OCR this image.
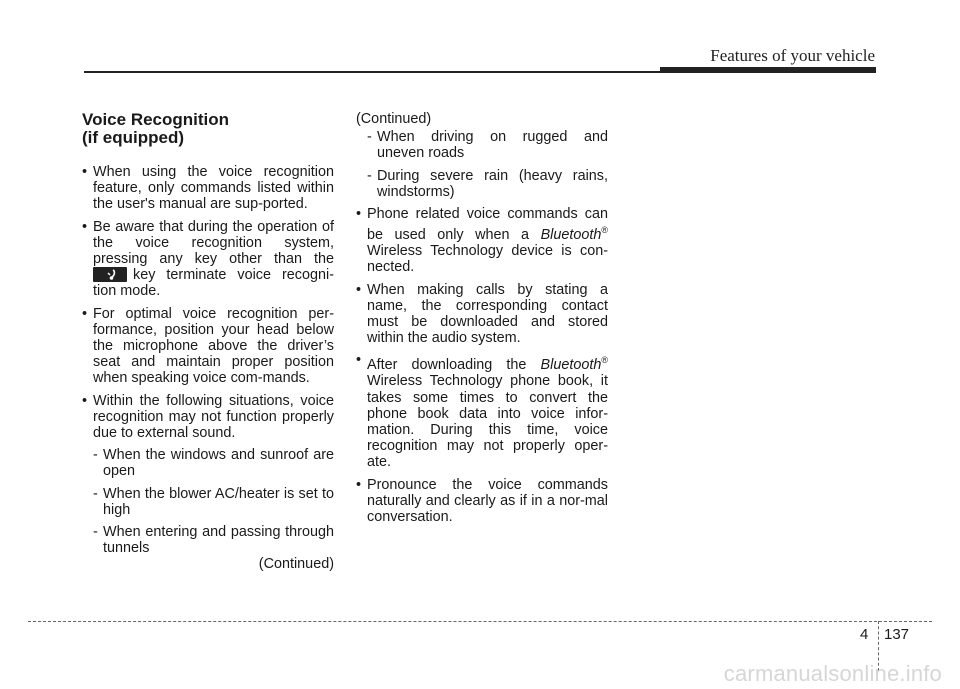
Features of your vehicle
Voice Recognition
(if equipped)
• When using the voice recognition feature, only commands listed within the user's manual are sup-ported.
• Be aware that during the operation of the voice recognition system, pressing any key other than the
key terminate voice recogni-tion mode.
• For optimal voice recognition per-formance, position your head below the microphone above the driver’s seat and maintain proper position when speaking voice com-mands.
• Within the following situations, voice recognition may not function properly due to external sound.
- When the windows and sunroof are open
- When the blower AC/heater is set to high
- When entering and passing through tunnels
(Continued)
(Continued)
- When driving on rugged and uneven roads
- During severe rain (heavy rains, windstorms)
• Phone related voice commands can be used only when a Bluetooth® Wireless Technology device is con-nected.
• When making calls by stating a name, the corresponding contact must be downloaded and stored within the audio system.
• After downloading the Bluetooth® Wireless Technology phone book, it takes some times to convert the phone book data into voice infor-mation. During this time, voice recognition may not properly oper-ate.
• Pronounce the voice commands naturally and clearly as if in a nor-mal conversation.
4 137
carmanualsonline.info
